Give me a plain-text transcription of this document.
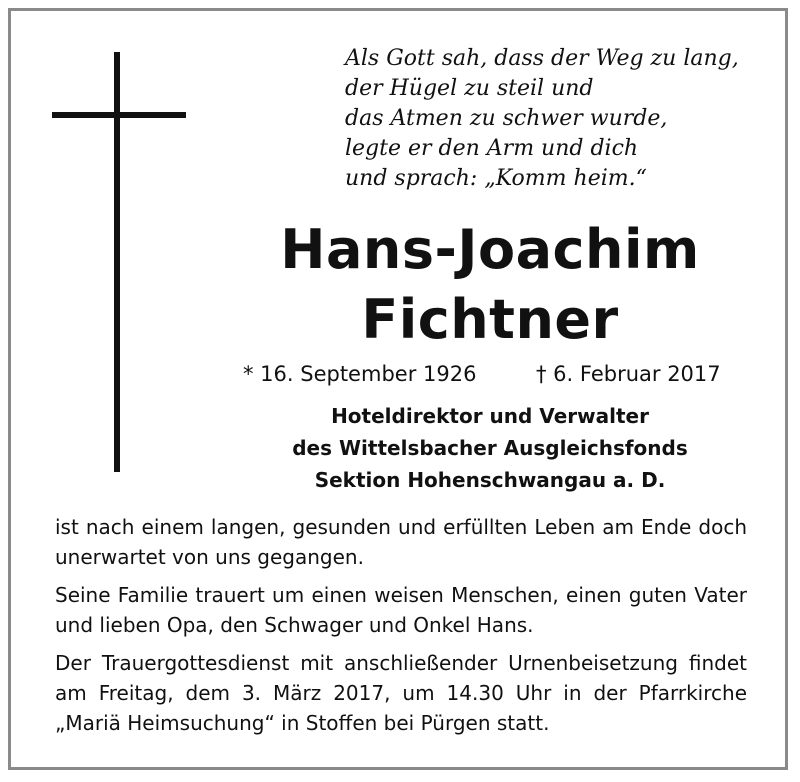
Als Gott sah, dass der Weg zu lang,
der Hügel zu steil und
das Atmen zu schwer wurde,
legte er den Arm und dich
und sprach: „Komm heim.“
Hans-Joachim
Fichtner
* 16. September 1926	† 6. Februar 2017
Hoteldirektor und Verwalter
des Wittelsbacher Ausgleichsfonds
Sektion Hohenschwangau a. D.

ist nach einem langen, gesunden und erfüllten Leben am Ende doch unerwartet von uns gegangen.

Seine Familie trauert um einen weisen Menschen, einen guten Vater und lieben Opa, den Schwager und Onkel Hans.

Der Trauergottesdienst mit anschließender Urnenbeisetzung findet am Freitag, dem 3. März 2017, um 14.30 Uhr in der Pfarrkirche „Mariä Heimsuchung“ in Stoffen bei Pürgen statt.
